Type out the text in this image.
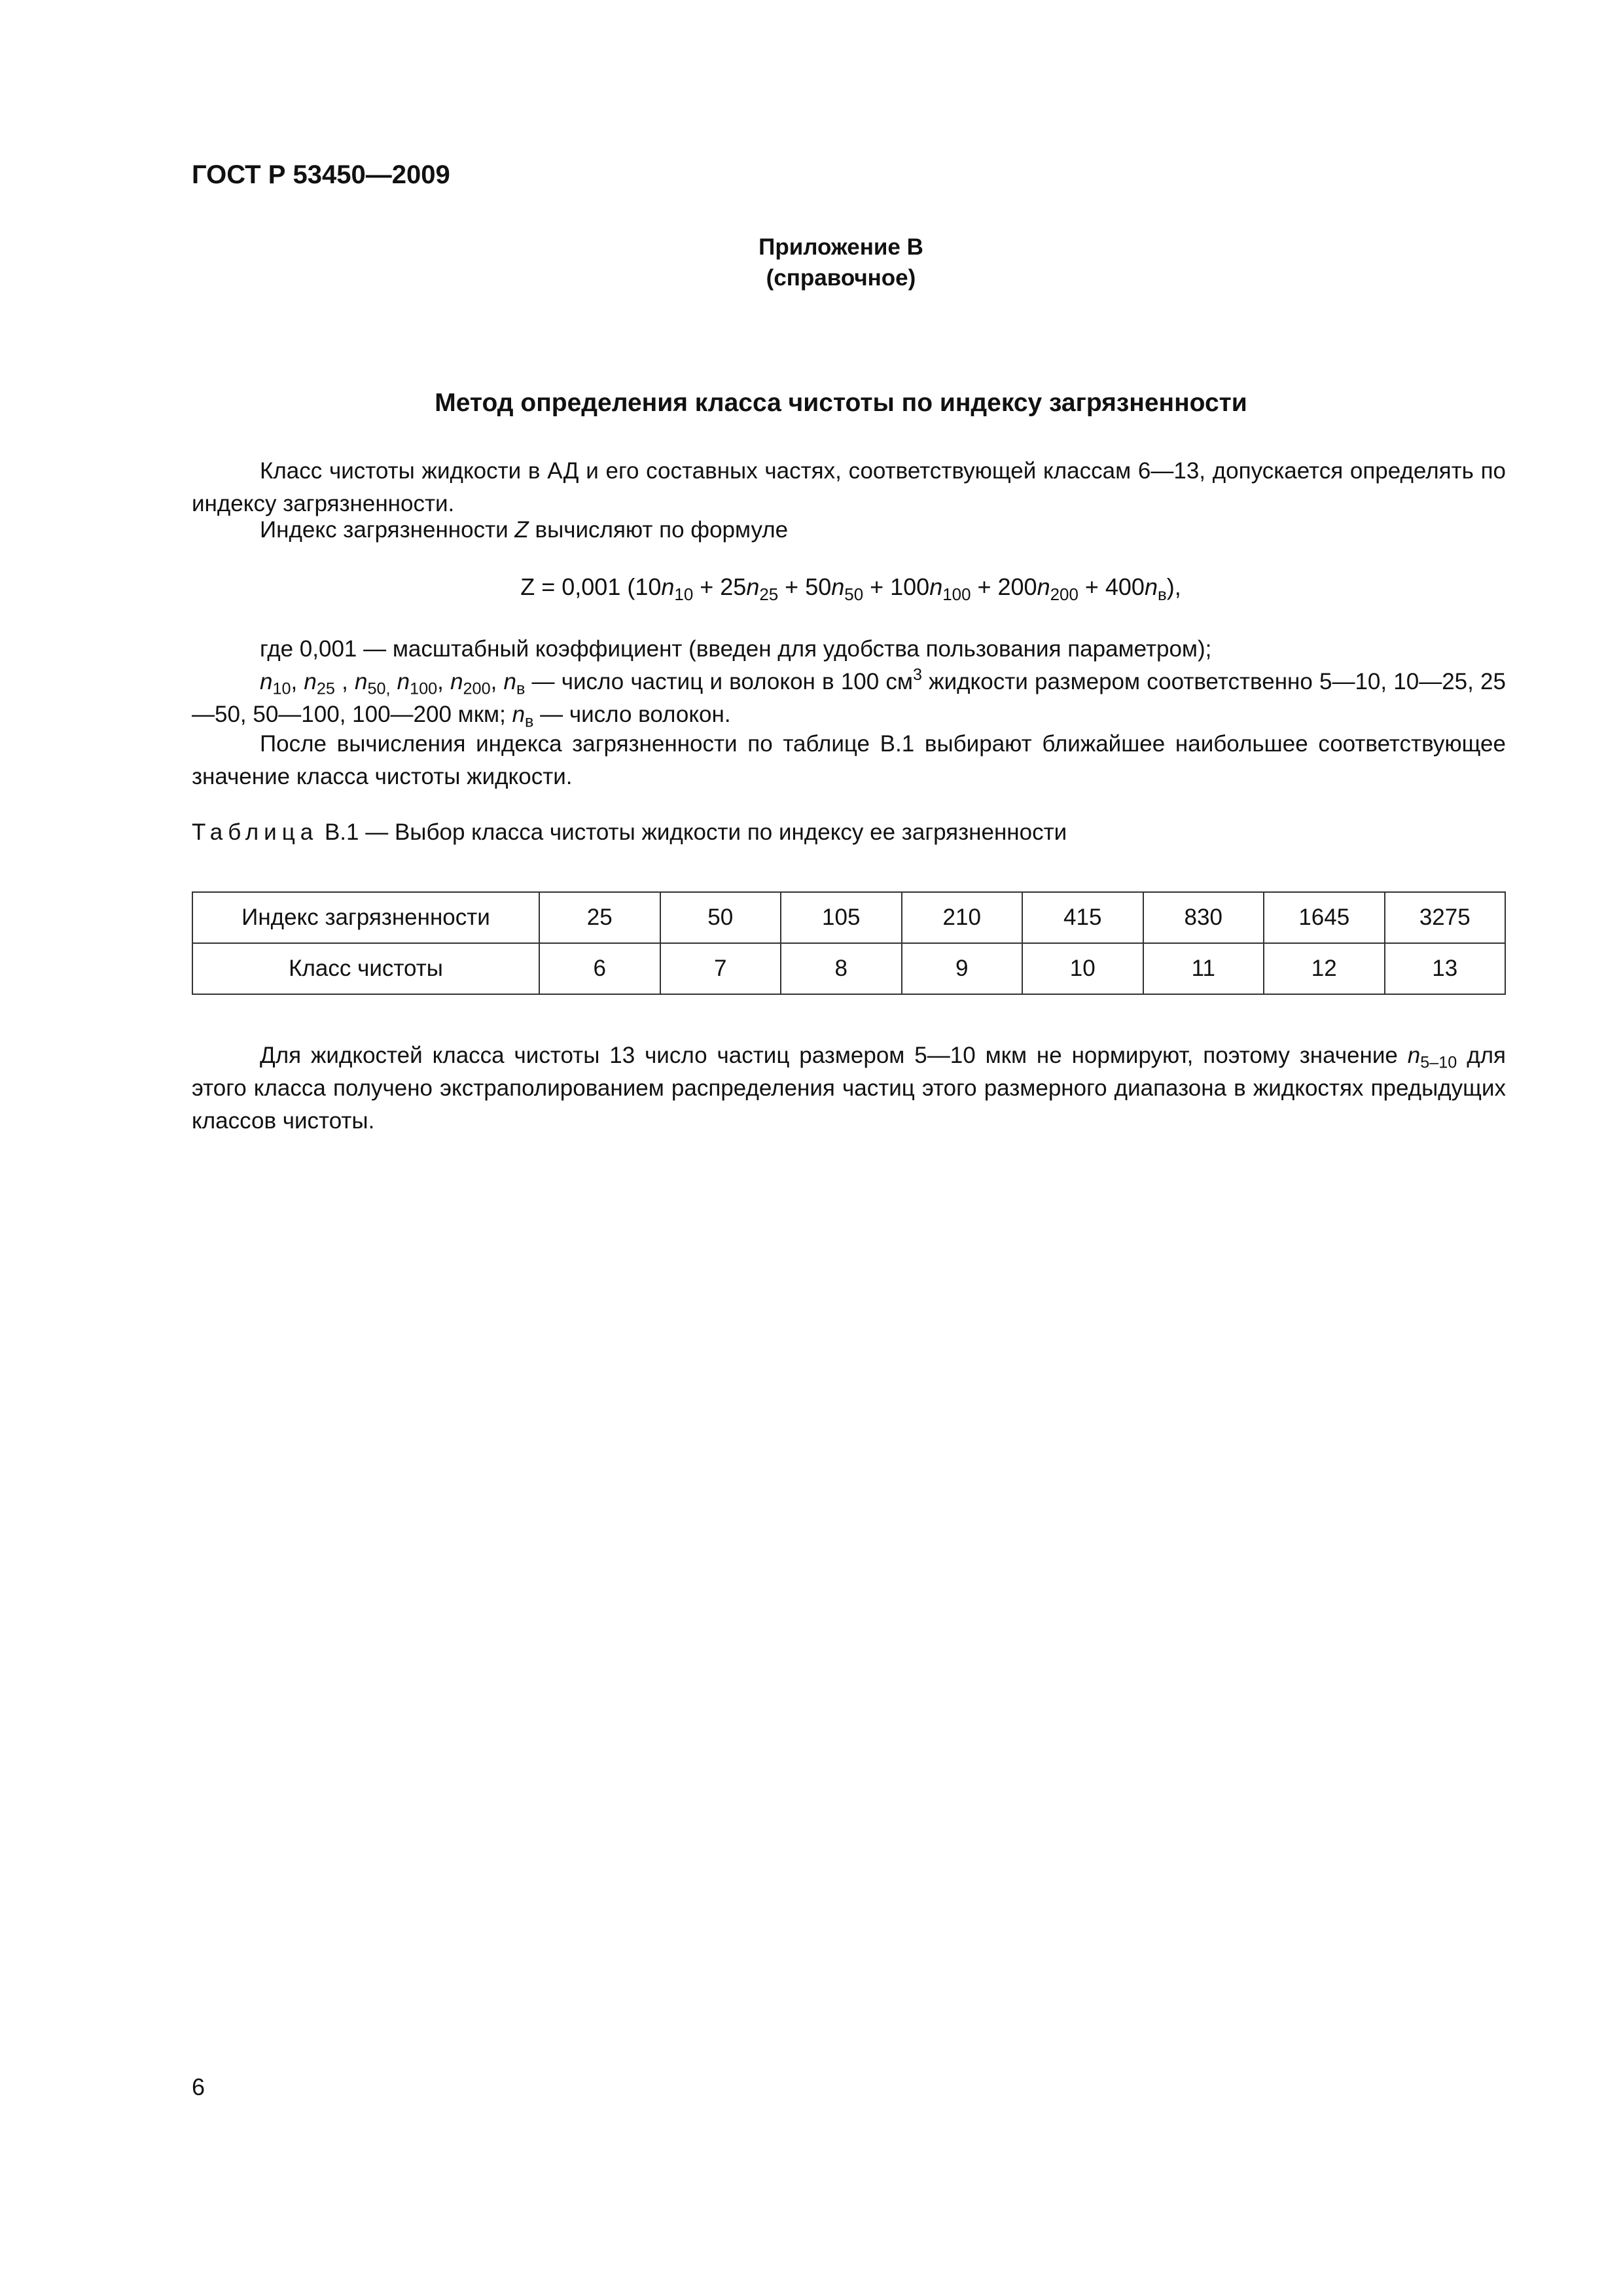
ГОСТ Р 53450—2009
Приложение В
(справочное)
Метод определения класса чистоты по индексу загрязненности
Класс чистоты жидкости в АД и его составных частях, соответствующей классам 6—13, допускается определять по индексу загрязненности.
Индекс загрязненности Z вычисляют по формуле
Z = 0,001 $(10n_{10} + 25n_{25} + 50n_{50} + 100n_{100} + 200n_{200} + 400n_в)$,
где 0,001 — масштабный коэффициент (введен для удобства пользования параметром);
$n_{10}$, $n_{25}$ , $n_{50,}$ $n_{100}$, $n_{200}$, $n_в$ — число частиц и волокон в 100 $см^3$ жидкости размером соответственно 5—10, 10—25, 25—50, 50—100, 100—200 мкм; $n_в$ — число волокон.
После вычисления индекса загрязненности по таблице В.1 выбирают ближайшее наибольшее соответствующее значение класса чистоты жидкости.
Таблица В.1 — Выбор класса чистоты жидкости по индексу ее загрязненности
Индекс загрязненности	25	50	105	210	415	830	1645	3275
Класс чистоты	6	7	8	9	10	11	12	13
Для жидкостей класса чистоты 13 число частиц размером 5—10 мкм не нормируют, поэтому значение $n_{5-10}$ для этого класса получено экстраполированием распределения частиц этого размерного диапазона в жидкостях предыдущих классов чистоты.
6
